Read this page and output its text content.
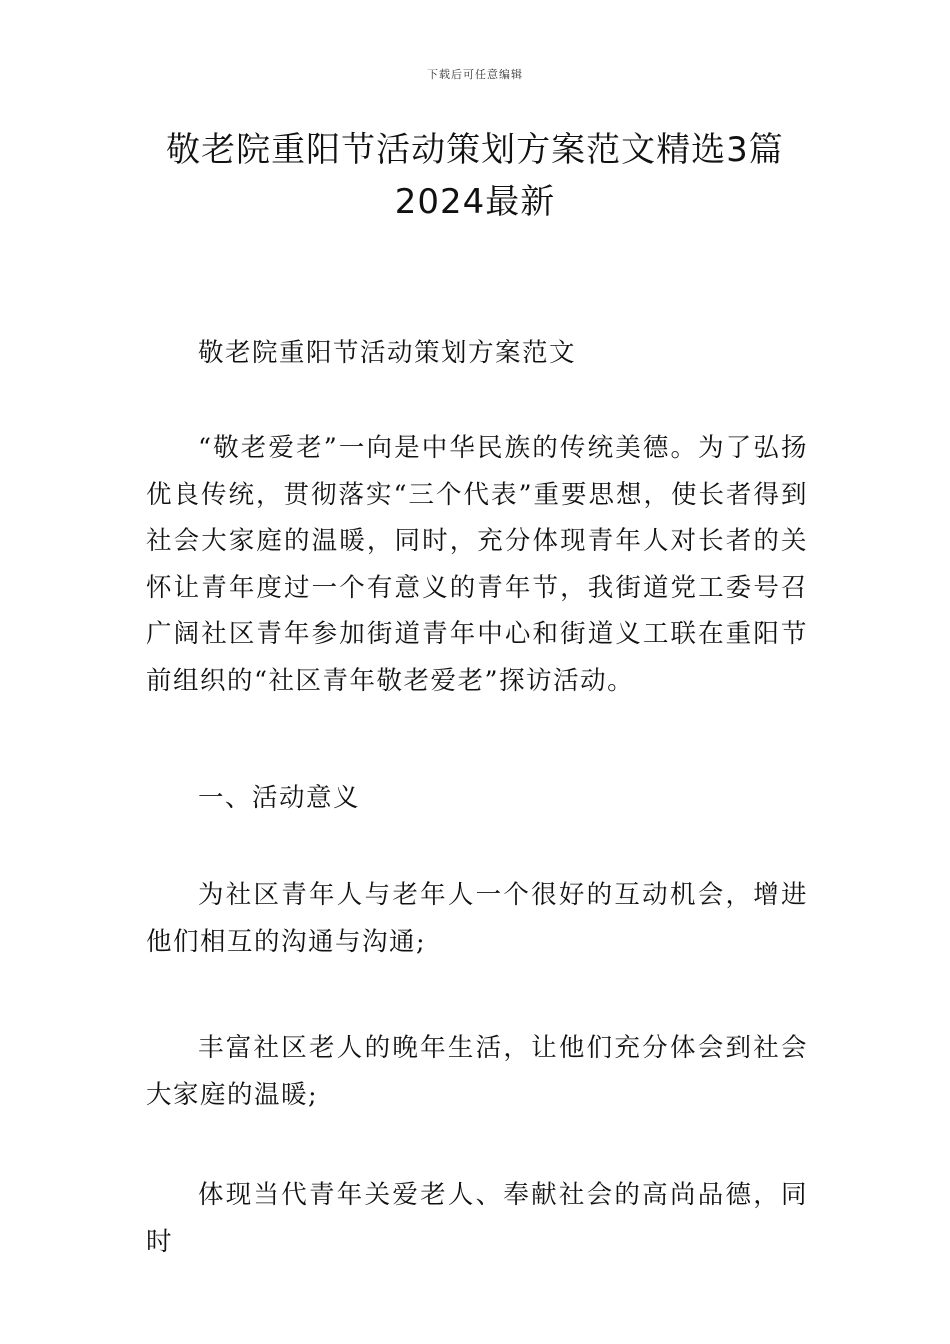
下载后可任意编辑
敬老院重阳节活动策划方案范文精选3篇
2024最新
敬老院重阳节活动策划方案范文
“敬老爱老”一向是中华民族的传统美德。为了弘扬优良传统，贯彻落实“三个代表”重要思想，使长者得到社会大家庭的温暖，同时，充分体现青年人对长者的关怀让青年度过一个有意义的青年节，我街道党工委号召广阔社区青年参加街道青年中心和街道义工联在重阳节前组织的“社区青年敬老爱老”探访活动。
一、活动意义
为社区青年人与老年人一个很好的互动机会，增进他们相互的沟通与沟通;
丰富社区老人的晚年生活，让他们充分体会到社会大家庭的温暖;
体现当代青年关爱老人、奉献社会的高尚品德，同时
